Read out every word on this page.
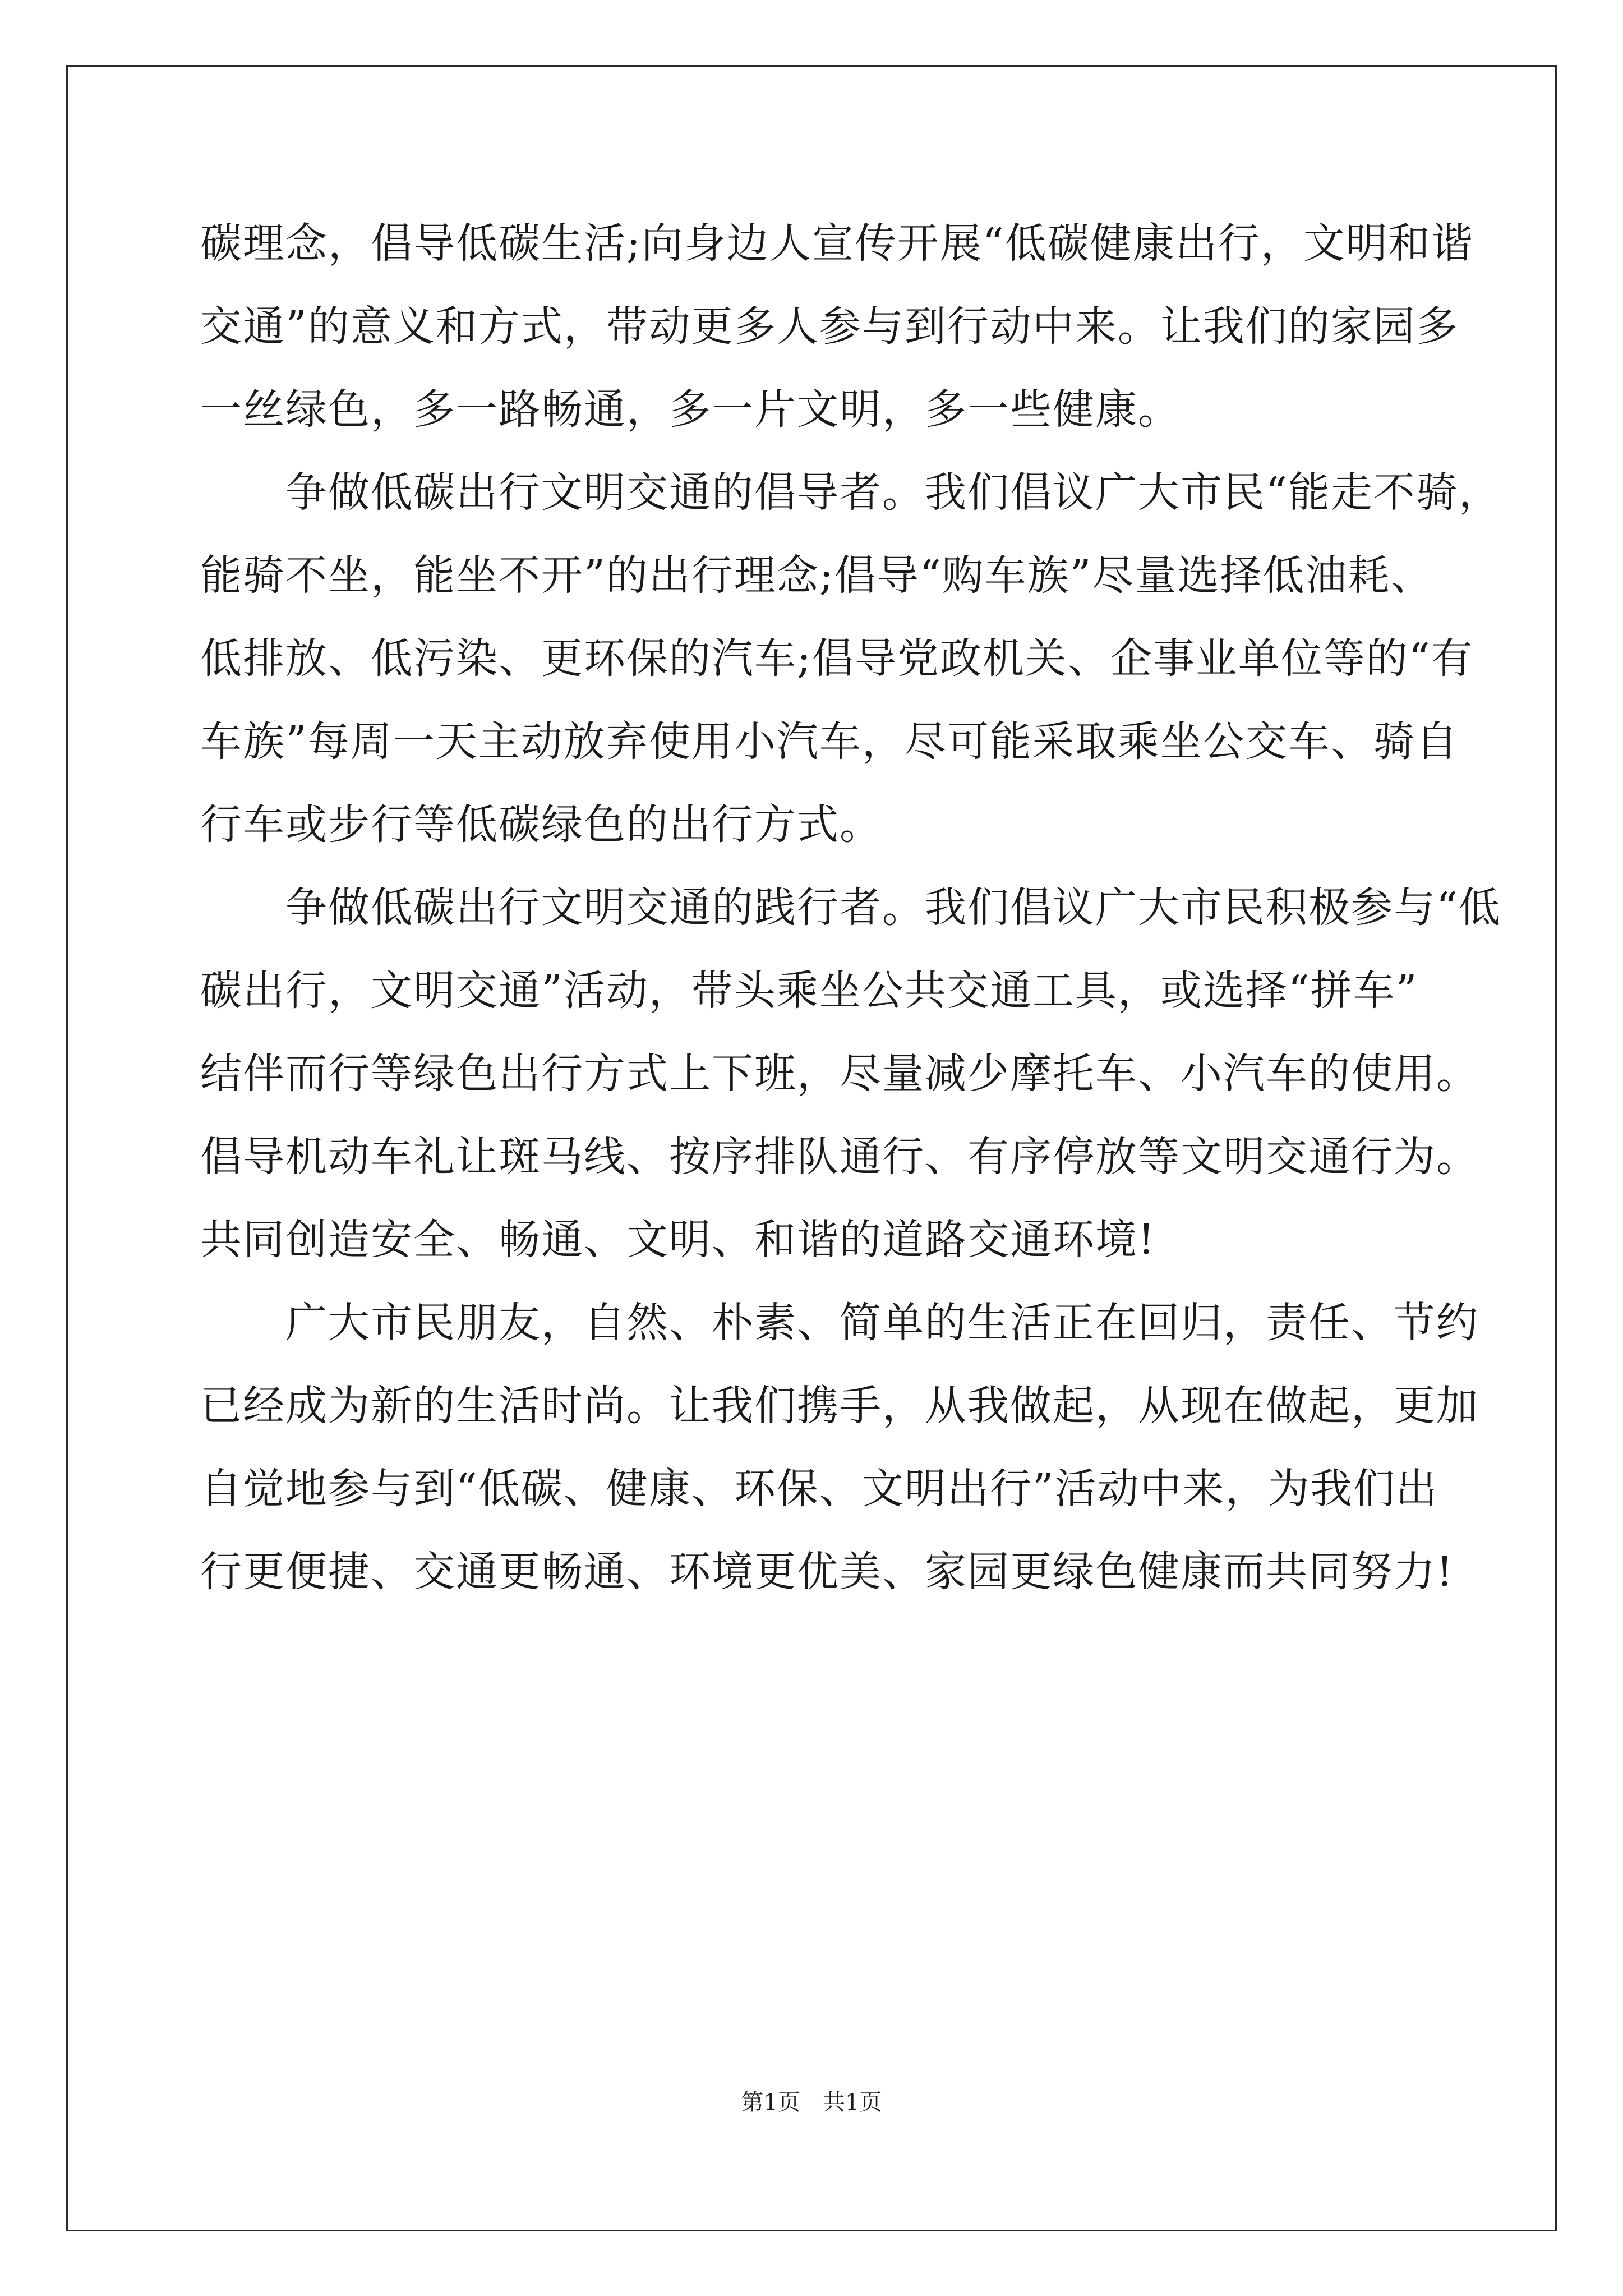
碳理念，倡导低碳生活;向身边人宣传开展“低碳健康出行，文明和谐
交通”的意义和方式，带动更多人参与到行动中来。让我们的家园多
一丝绿色，多一路畅通，多一片文明，多一些健康。
　　争做低碳出行文明交通的倡导者。我们倡议广大市民“能走不骑，
能骑不坐，能坐不开”的出行理念;倡导“购车族”尽量选择低油耗、
低排放、低污染、更环保的汽车;倡导党政机关、企事业单位等的“有
车族”每周一天主动放弃使用小汽车，尽可能采取乘坐公交车、骑自
行车或步行等低碳绿色的出行方式。
　　争做低碳出行文明交通的践行者。我们倡议广大市民积极参与“低
碳出行，文明交通”活动，带头乘坐公共交通工具，或选择“拼车”
结伴而行等绿色出行方式上下班，尽量减少摩托车、小汽车的使用。
倡导机动车礼让斑马线、按序排队通行、有序停放等文明交通行为。
共同创造安全、畅通、文明、和谐的道路交通环境!
　　广大市民朋友，自然、朴素、简单的生活正在回归，责任、节约
已经成为新的生活时尚。让我们携手，从我做起，从现在做起，更加
自觉地参与到“低碳、健康、环保、文明出行”活动中来，为我们出
行更便捷、交通更畅通、环境更优美、家园更绿色健康而共同努力!
第1页　共1页
